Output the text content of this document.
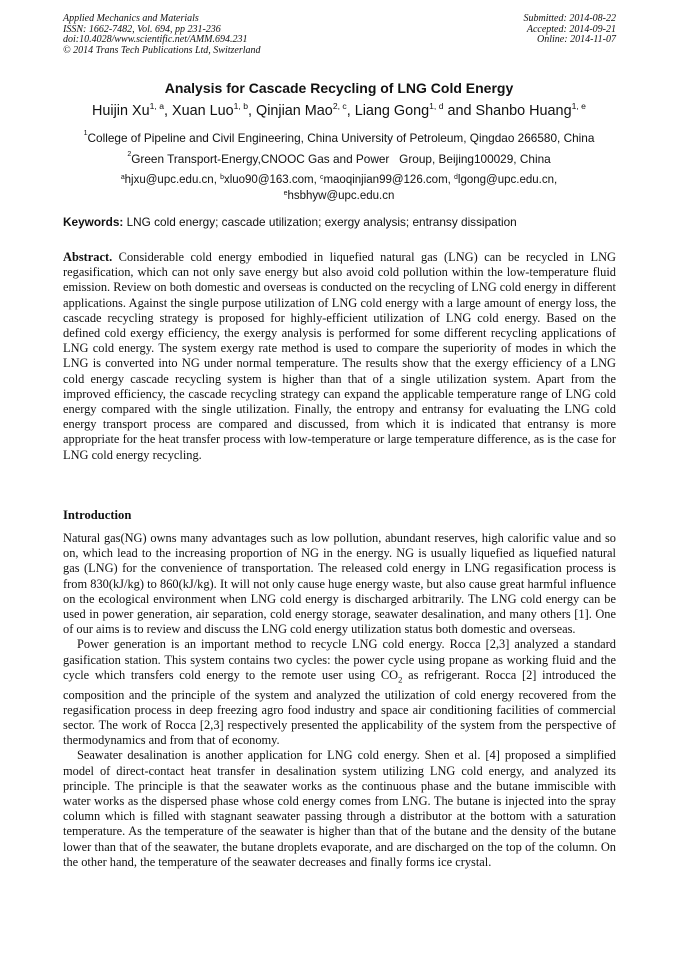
Applied Mechanics and Materials
ISSN: 1662-7482, Vol. 694, pp 231-236
doi:10.4028/www.scientific.net/AMM.694.231
© 2014 Trans Tech Publications Ltd, Switzerland
Submitted: 2014-08-22
Accepted: 2014-09-21
Online: 2014-11-07
Analysis for Cascade Recycling of LNG Cold Energy
Huijin Xu$^{1, a}$, Xuan Luo$^{1, b}$, Qinjian Mao$^{2, c}$, Liang Gong$^{1, d}$ and Shanbo Huang$^{1, e}$
$^1$College of Pipeline and Civil Engineering, China University of Petroleum, Qingdao 266580, China
$^2$Green Transport-Energy,CNOOC Gas and Power   Group, Beijing100029, China
$^a$hjxu@upc.edu.cn, $^b$xluo90@163.com, $^c$maoqinjian99@126.com, $^d$lgong@upc.edu.cn,
$^e$hsbhyw@upc.edu.cn
Keywords: LNG cold energy; cascade utilization; exergy analysis; entransy dissipation

Abstract. Considerable cold energy embodied in liquefied natural gas (LNG) can be recycled in LNG regasification, which can not only save energy but also avoid cold pollution within the low-temperature fluid emission. Review on both domestic and overseas is conducted on the recycling of LNG cold energy in different applications. Against the single purpose utilization of LNG cold energy with a large amount of energy loss, the cascade recycling strategy is proposed for highly-efficient utilization of LNG cold energy. Based on the defined cold exergy efficiency, the exergy analysis is performed for some different recycling applications of LNG cold energy. The system exergy rate method is used to compare the superiority of modes in which the LNG is converted into NG under normal temperature. The results show that the exergy efficiency of a LNG cold energy cascade recycling system is higher than that of a single utilization system. Apart from the improved efficiency, the cascade recycling strategy can expand the applicable temperature range of LNG cold energy compared with the single utilization. Finally, the entropy and entransy for evaluating the LNG cold energy transport process are compared and discussed, from which it is indicated that entransy is more appropriate for the heat transfer process with low-temperature or large temperature difference, as is the case for LNG cold energy recycling.

Introduction

Natural gas(NG) owns many advantages such as low pollution, abundant reserves, high calorific value and so on, which lead to the increasing proportion of NG in the energy. NG is usually liquefied as liquefied natural gas (LNG) for the convenience of transportation. The released cold energy in LNG regasification process is from 830(kJ/kg) to 860(kJ/kg). It will not only cause huge energy waste, but also cause great harmful influence on the ecological environment when LNG cold energy is discharged arbitrarily. The LNG cold energy can be used in power generation, air separation, cold energy storage, seawater desalination, and many others [1]. One of our aims is to review and discuss the LNG cold energy utilization status both domestic and overseas.

Power generation is an important method to recycle LNG cold energy. Rocca [2,3] analyzed a standard gasification station. This system contains two cycles: the power cycle using propane as working fluid and the cycle which transfers cold energy to the remote user using $CO_2$ as refrigerant. Rocca [2] introduced the composition and the principle of the system and analyzed the utilization of cold energy recovered from the regasification process in deep freezing agro food industry and space air conditioning facilities of commercial sector. The work of Rocca [2,3] respectively presented the applicability of the system from the perspective of thermodynamics and from that of economy.

Seawater desalination is another application for LNG cold energy. Shen et al. [4] proposed a simplified model of direct-contact heat transfer in desalination system utilizing LNG cold energy, and analyzed its principle. The principle is that the seawater works as the continuous phase and the butane immiscible with water works as the dispersed phase whose cold energy comes from LNG. The butane is injected into the spray column which is filled with stagnant seawater passing through a distributor at the bottom with a saturation temperature. As the temperature of the seawater is higher than that of the butane and the density of the butane lower than that of the seawater, the butane droplets evaporate, and are discharged on the top of the column. On the other hand, the temperature of the seawater decreases and finally forms ice crystal.
